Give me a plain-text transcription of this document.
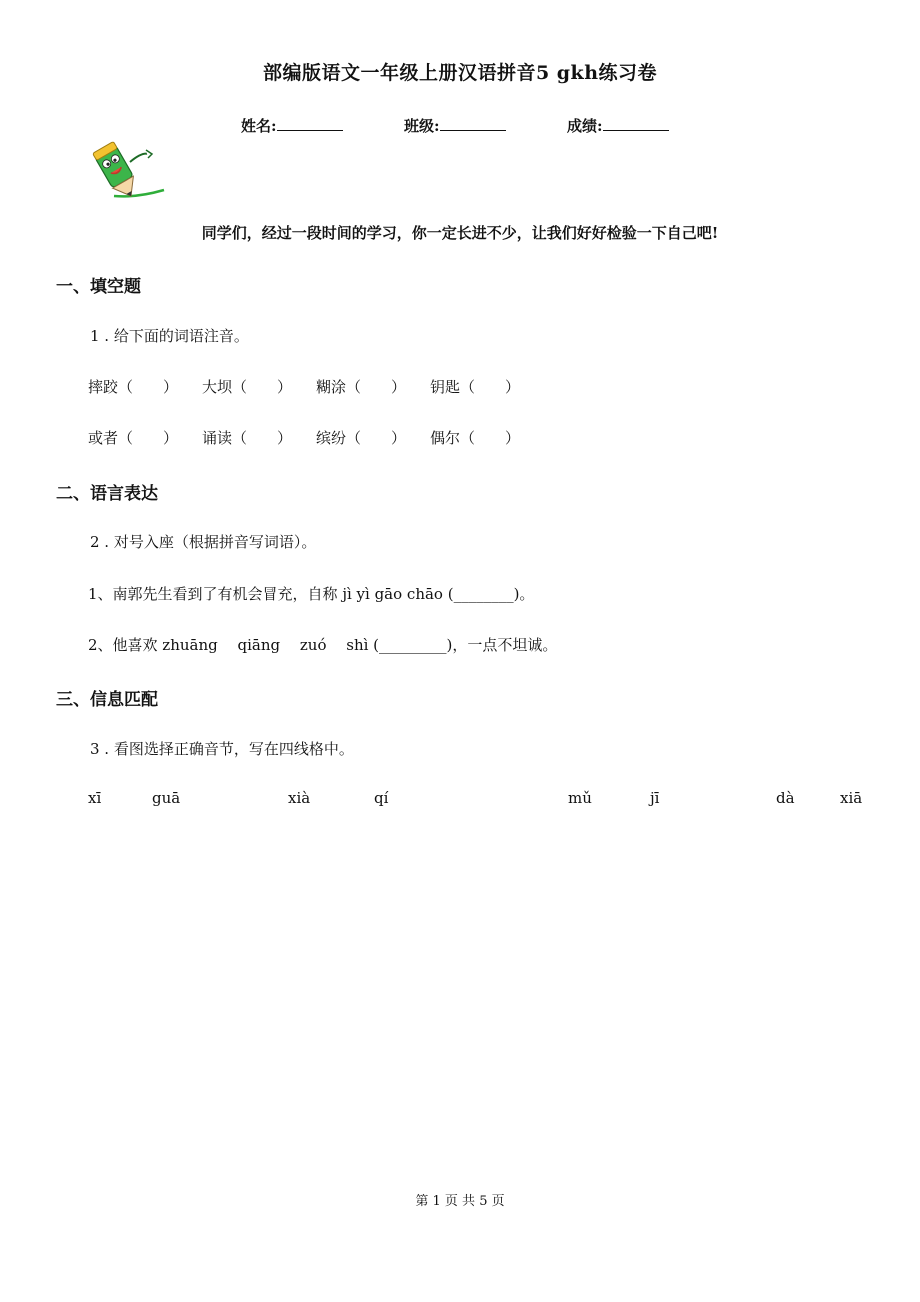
部编版语文一年级上册汉语拼音5 gkh练习卷
姓名:	班级:	成绩:
同学们，经过一段时间的学习，你一定长进不少，让我们好好检验一下自己吧!
一、填空题
1 . 给下面的词语注音。
摔跤（　　） 大坝（　　） 糊涂（　　） 钥匙（　　）
或者（　　） 诵读（　　） 缤纷（　　） 偶尔（　　）
二、语言表达
2 . 对号入座（根据拼音写词语）。
1、南郭先生看到了有机会冒充，自称 jì yì gāo chāo (________)。
2、他喜欢 zhuāng　 qiāng　 zuó　 shì (_________)，一点不坦诚。
三、信息匹配
3 . 看图选择正确音节，写在四线格中。
xī	guā	xià	qí	mǔ	jī	dà	xiā
第 1 页 共 5 页
